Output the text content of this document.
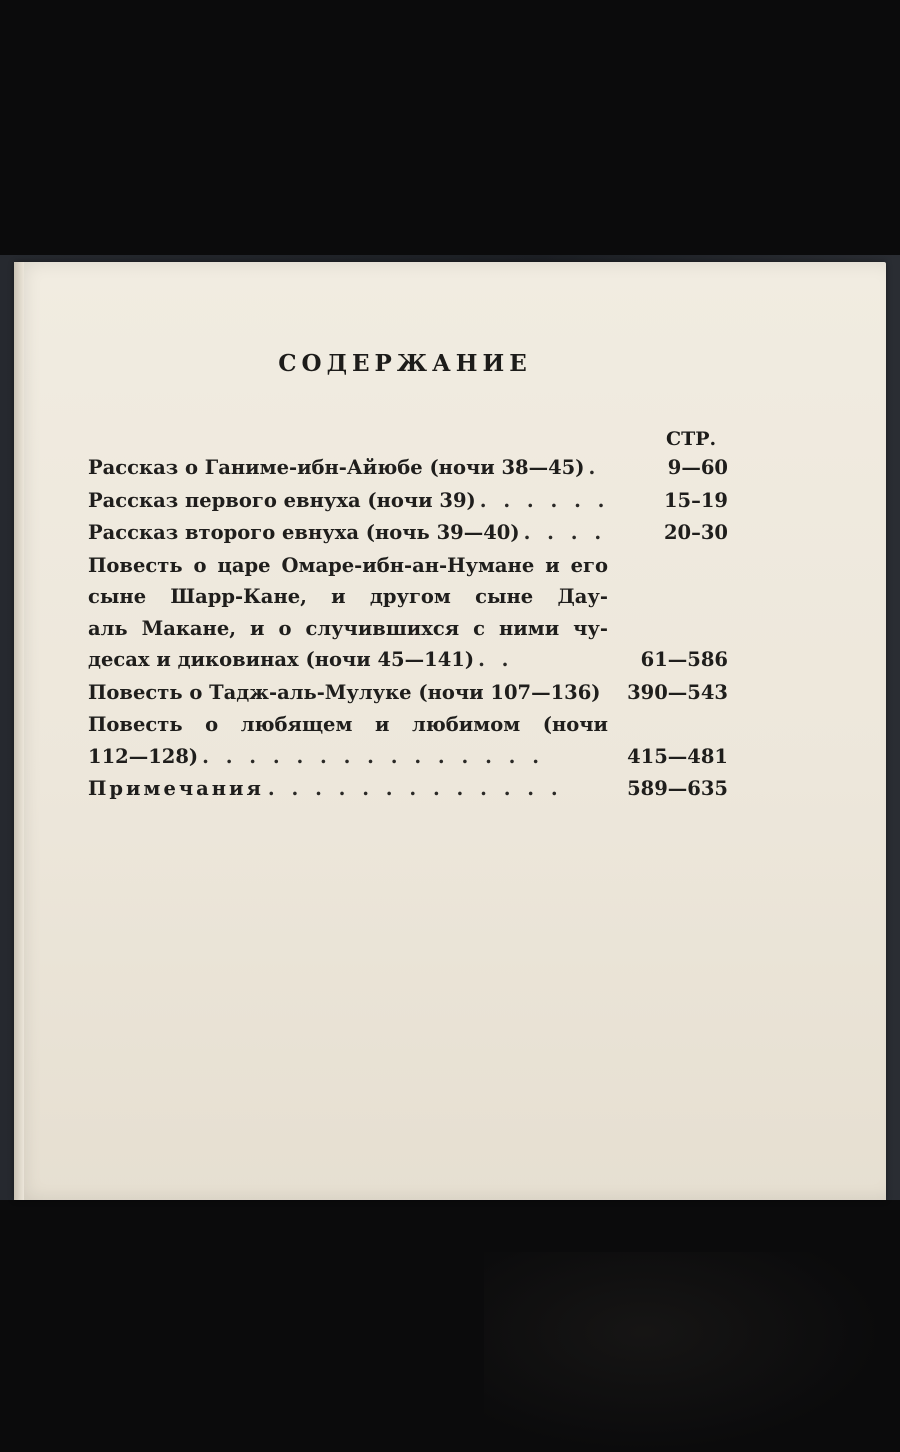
СОДЕРЖАНИЕ
СТР.
Рассказ о Ганиме-ибн-Айюбе (ночи 38—45) .	9—60
Рассказ первого евнуха (ночи 39) . . . . . .	15–19
Рассказ второго евнуха (ночь 39—40) . . . .	20–30
Повесть о царе Омаре-ибн-ан-Нумане и его
сыне Шарр-Кане, и другом сыне Дау-
аль Макане, и о случившихся с ними чу-
десах и диковинах (ночи 45—141) . .	61—586
Повесть о Тадж-аль-Мулуке (ночи 107—136) 390—543
Повесть о любящем и любимом (ночи
112—128) . . . . . . . . . . . . . . .	415—481
Примечания . . . . . . . . . . . . .	589—635
